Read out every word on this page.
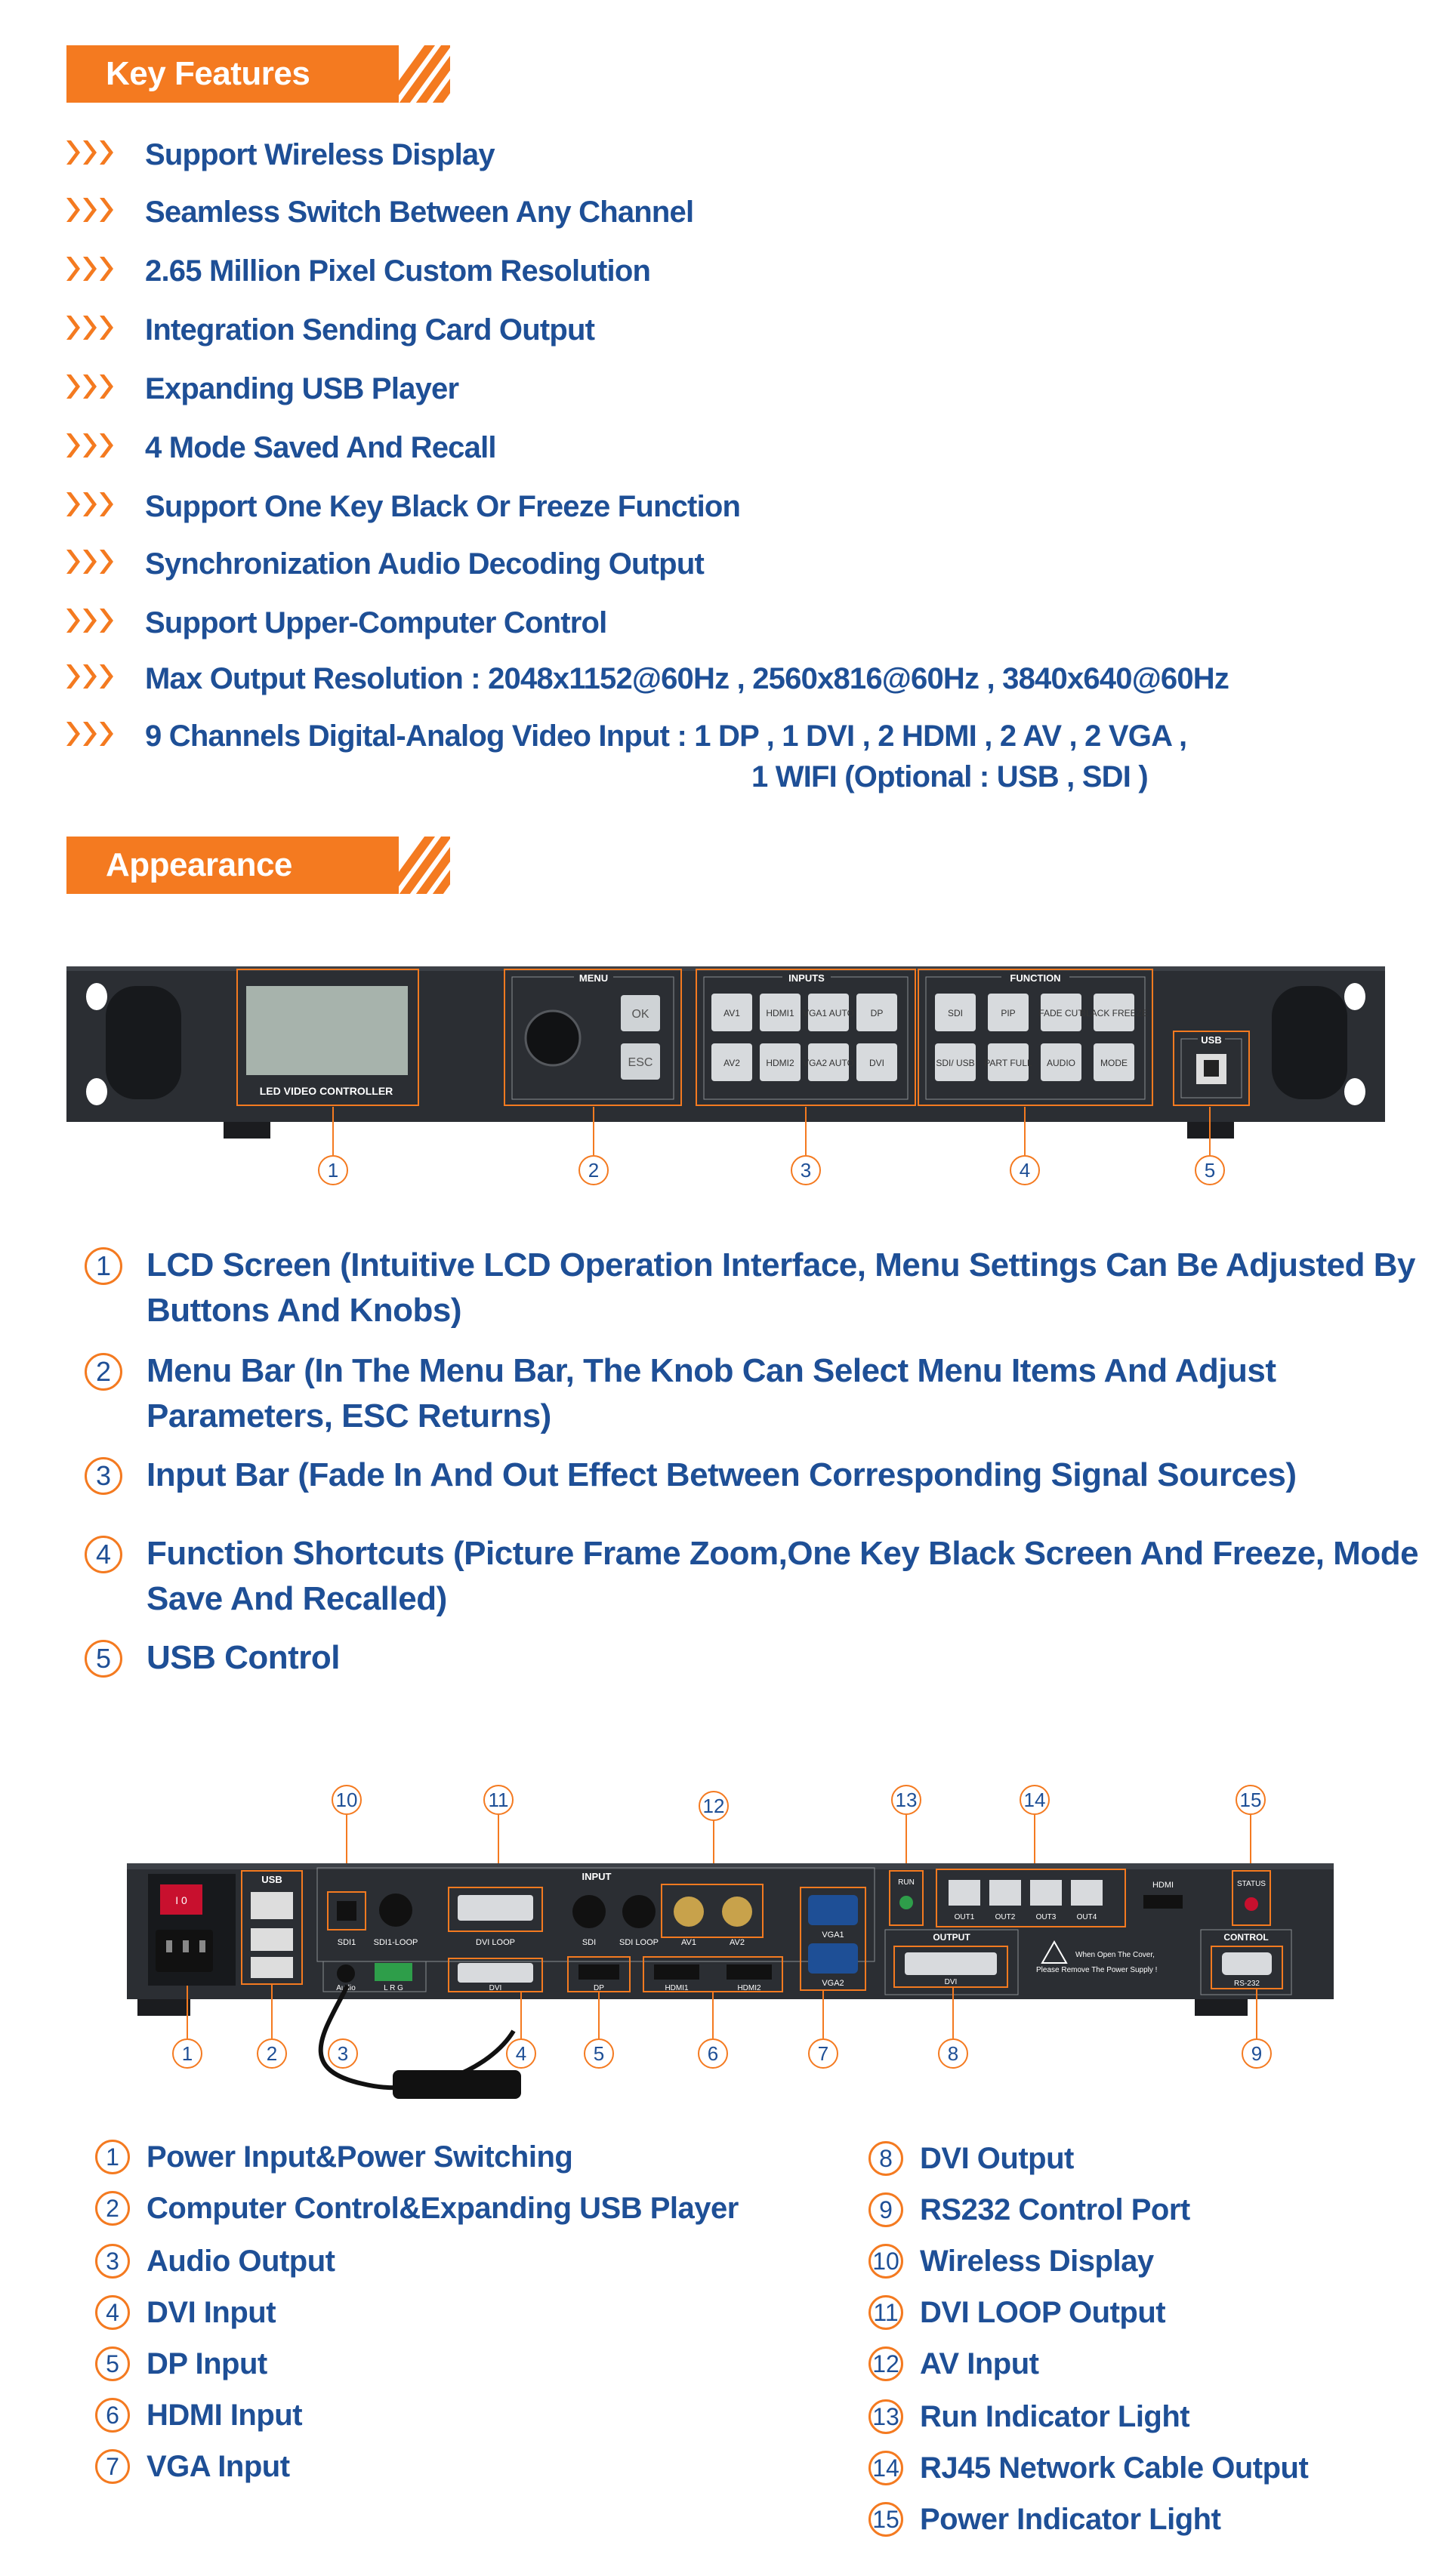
Key Features
Support Wireless Display
Seamless Switch Between Any Channel
2.65 Million Pixel Custom Resolution
Integration Sending Card Output
Expanding USB Player
4 Mode Saved And Recall
Support One Key Black Or Freeze Function
Synchronization Audio Decoding Output
Support Upper-Computer Control
Max Output Resolution : 2048x1152@60Hz , 2560x816@60Hz , 3840x640@60Hz
9 Channels Digital-Analog Video Input : 1 DP , 1 DVI , 2 HDMI , 2 AV , 2 VGA ,
1 WIFI (Optional : USB , SDI )
Appearance
LED VIDEO CONTROLLER
MENU
OK
ESC
INPUTS
AV1	HDMI1 VGA1 AUTO DP
AV2	HDMI2 VGA2 AUTO DVI
FUNCTION
SDI	PIP	FADE CUT
BLACK FREEZE
SDI/ USB PART FULL AUDIO	MODE
USB
1	2	3	4	5
1	LCD Screen (Intuitive LCD Operation Interface, Menu Settings Can Be Adjusted By Buttons And Knobs)
2	Menu Bar (In The Menu Bar, The Knob Can Select Menu Items And Adjust Parameters, ESC Returns)
3	Input Bar (Fade In And Out Effect Between Corresponding Signal Sources)
4	Function Shortcuts (Picture Frame Zoom,One Key Black Screen And Freeze, Mode Save And Recalled)
5	USB Control
I 0
USB	INPUT
SDI1 SDI1-LOOP	DVI LOOP	SDI	SDI LOOP	AV1	AV2
VGA1
VGA2
Audio	L R G	DVI	DP	HDMI1	HDMI2
RUN
OUTPUT
DVI
OUT1	OUT2	OUT3	OUT4
HDMI	STATUS
When Open The Cover,
Please Remove The Power Supply !
CONTROL
RS-232
10	11	12	13	14	15
1	2	3	4	5	6	7	8	9
1 Power Input&Power Switching
2 Computer Control&Expanding USB Player
3 Audio Output
4 DVI Input
5 DP Input
6 HDMI Input
7 VGA Input
8 DVI Output
9 RS232 Control Port
10 Wireless Display
11 DVI LOOP Output
12 AV Input
13 Run Indicator Light
14 RJ45 Network Cable Output
15 Power Indicator Light
